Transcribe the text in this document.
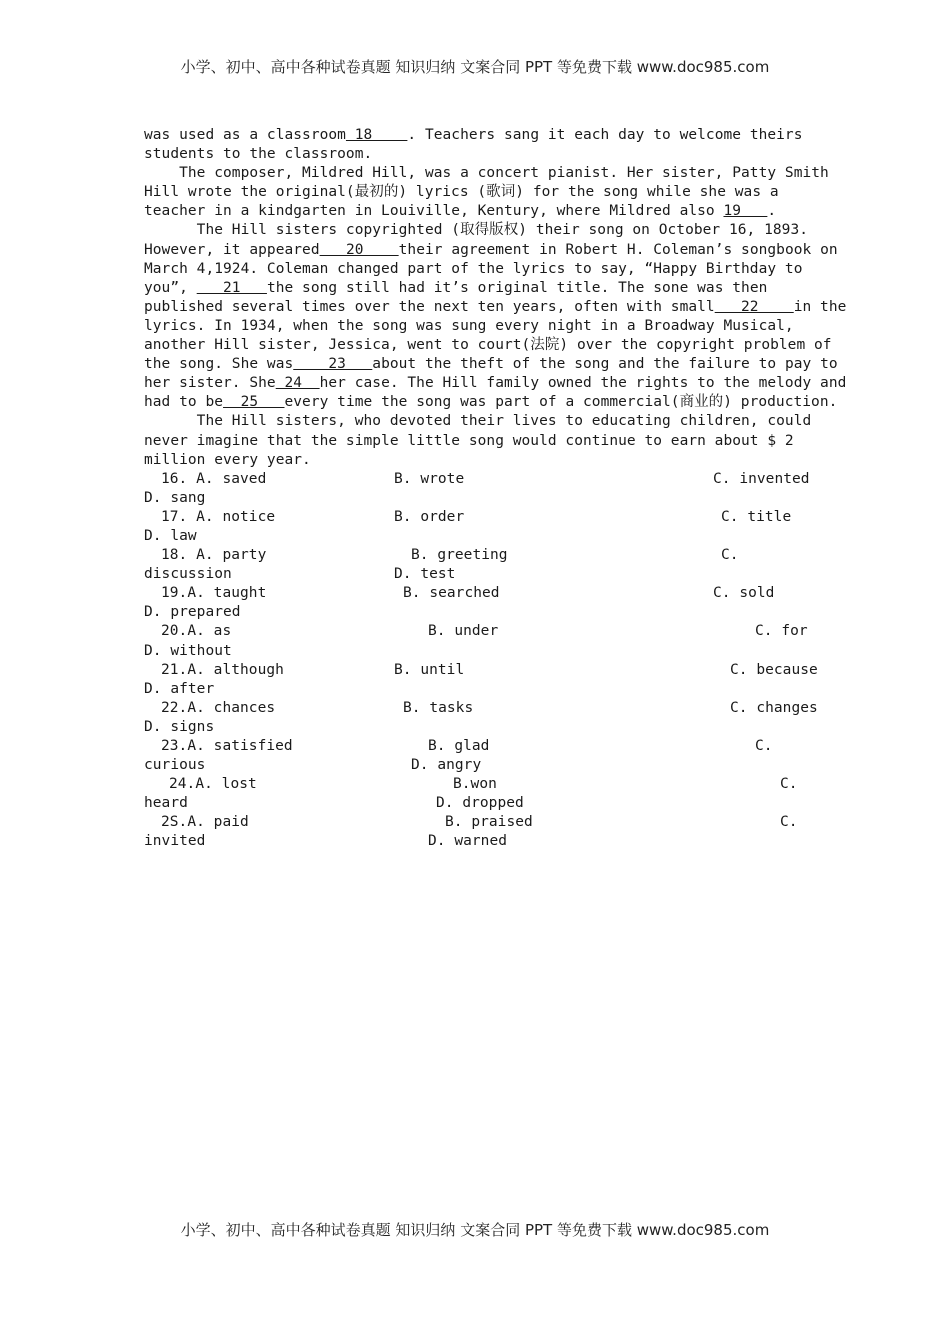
小学、初中、高中各种试卷真题 知识归纳 文案合同 PPT 等免费下载 www.doc985.com
was used as a classroom 18    . Teachers sang it each day to welcome theirs
students to the classroom.
The composer, Mildred Hill, was a concert pianist. Her sister, Patty Smith
Hill wrote the original(最初的) lyrics (歌词) for the song while she was a
teacher in a kindgarten in Louiville, Kentury, where Mildred also 19   .
The Hill sisters copyrighted (取得版权) their song on October 16, 1893.
However, it appeared   20    their agreement in Robert H. Coleman’s songbook on
March 4,1924. Coleman changed part of the lyrics to say, “Happy Birthday to
you”,    21   the song still had it’s original title. The sone was then
published several times over the next ten years, often with small   22    in the
lyrics. In 1934, when the song was sung every night in a Broadway Musical,
another Hill sister, Jessica, went to court(法院) over the copyright problem of
the song. She was    23   about the theft of the song and the failure to pay to
her sister. She 24  her case. The Hill family owned the rights to the melody and
had to be  25   every time the song was part of a commercial(商业的) production.
The Hill sisters, who devoted their lives to educating children, could
never imagine that the simple little song would continue to earn about $ 2
million every year.
16. A. saved	B. wrote	C. invented
D. sang
17. A. notice	B. order	C. title
D. law
18. A. party	B. greeting	C.
discussion	D. test
19.A. taught	B. searched	C. sold
D. prepared
20.A. as	B. under	C. for
D. without
21.A. although	B. until	C. because
D. after
22.A. chances	B. tasks	C. changes
D. signs
23.A. satisfied	B. glad	C.
curious	D. angry
24.A. lost	B.won	C.
heard	D. dropped
2S.A. paid	B. praised	C.
invited	D. warned
小学、初中、高中各种试卷真题 知识归纳 文案合同 PPT 等免费下载 www.doc985.com
